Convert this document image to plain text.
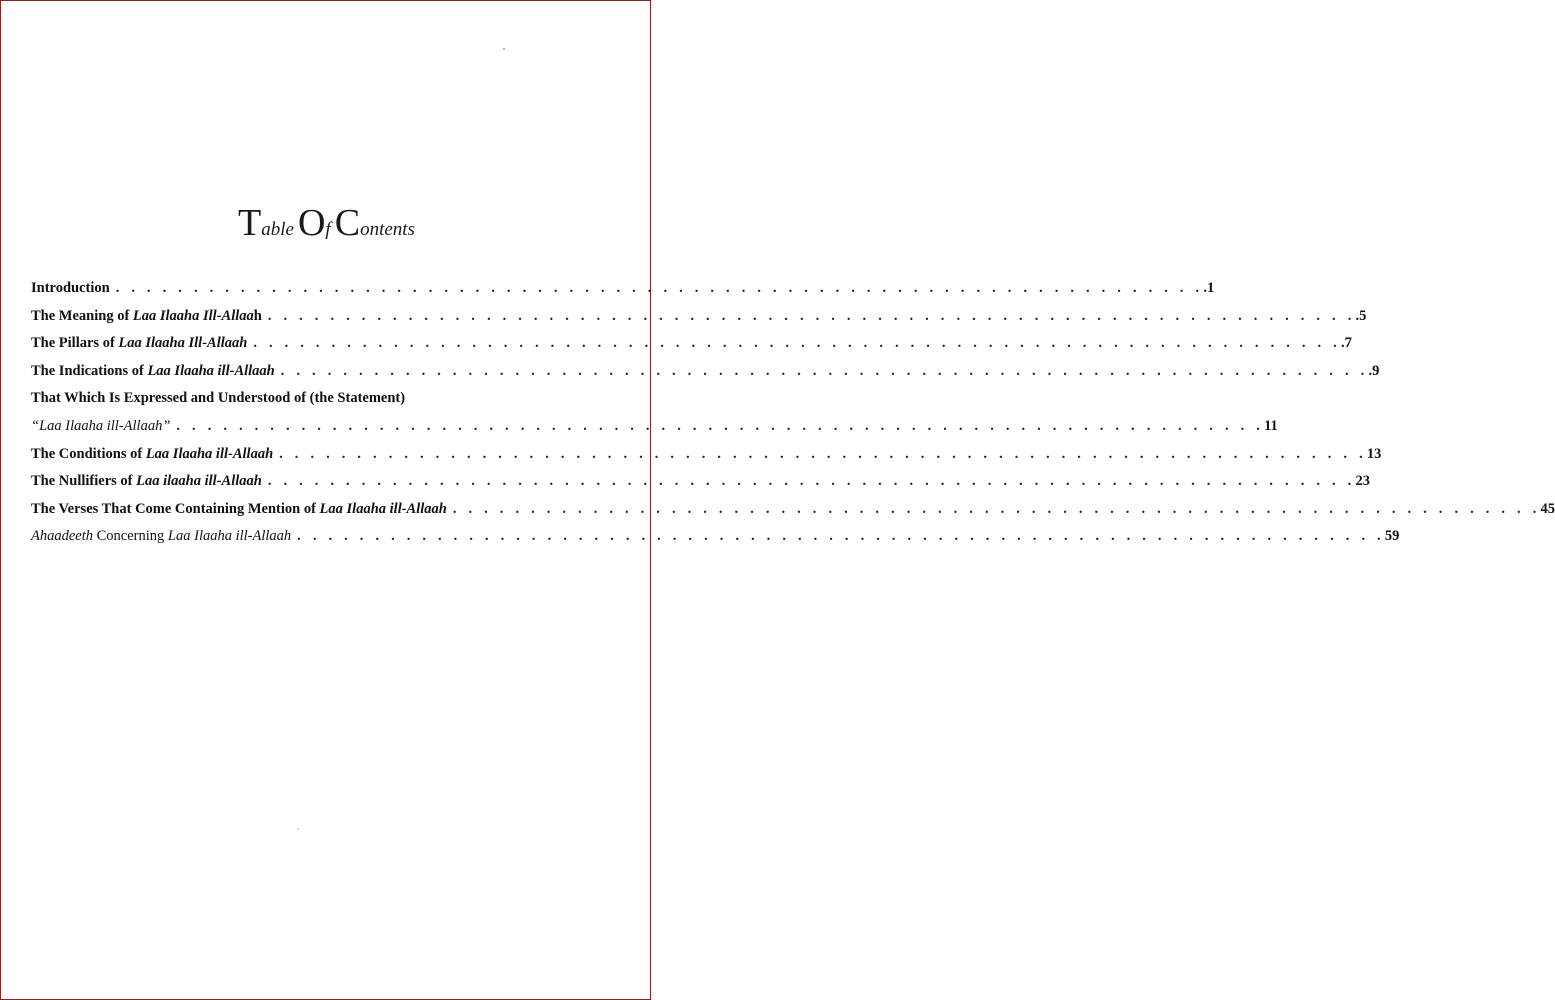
Table Of Contents
Introduction . . . . . . . . . . . . . . . . . . . . . . . . . . . . . . . . . . . . . . . . . . . . . . . . . . . . . . . . . . . . . . . . . . . . . . .1
The Meaning of Laa Ilaaha Ill-Allaah . . . . . . . . . . . . . . . . . . . . . . . . . . . . . . . . . . . . . . . . . . . . . . . . . . . . . . . . . . . . . . . . . . . . . . .5
The Pillars of Laa Ilaaha Ill-Allaah . . . . . . . . . . . . . . . . . . . . . . . . . . . . . . . . . . . . . . . . . . . . . . . . . . . . . . . . . . . . . . . . . . . . . . .7
The Indications of Laa Ilaaha ill-Allaah . . . . . . . . . . . . . . . . . . . . . . . . . . . . . . . . . . . . . . . . . . . . . . . . . . . . . . . . . . . . . . . . . . . . . . .9
That Which Is Expressed and Understood of (the Statement)
“Laa Ilaaha ill-Allaah” . . . . . . . . . . . . . . . . . . . . . . . . . . . . . . . . . . . . . . . . . . . . . . . . . . . . . . . . . . . . . . . . . . . . . . 11
The Conditions of Laa Ilaaha ill-Allaah . . . . . . . . . . . . . . . . . . . . . . . . . . . . . . . . . . . . . . . . . . . . . . . . . . . . . . . . . . . . . . . . . . . . . . 13
The Nullifiers of Laa ilaaha ill-Allaah . . . . . . . . . . . . . . . . . . . . . . . . . . . . . . . . . . . . . . . . . . . . . . . . . . . . . . . . . . . . . . . . . . . . . . 23
The Verses That Come Containing Mention of Laa Ilaaha ill-Allaah . . . . . . . . . . . . . . . . . . . . . . . . . . . . . . . . . . . . . . . . . . . . . . . . . . . . . . . . . . . . . . . . . . . . . . 45
Ahaadeeth Concerning Laa Ilaaha ill-Allaah . . . . . . . . . . . . . . . . . . . . . . . . . . . . . . . . . . . . . . . . . . . . . . . . . . . . . . . . . . . . . . . . . . . . . . 59
